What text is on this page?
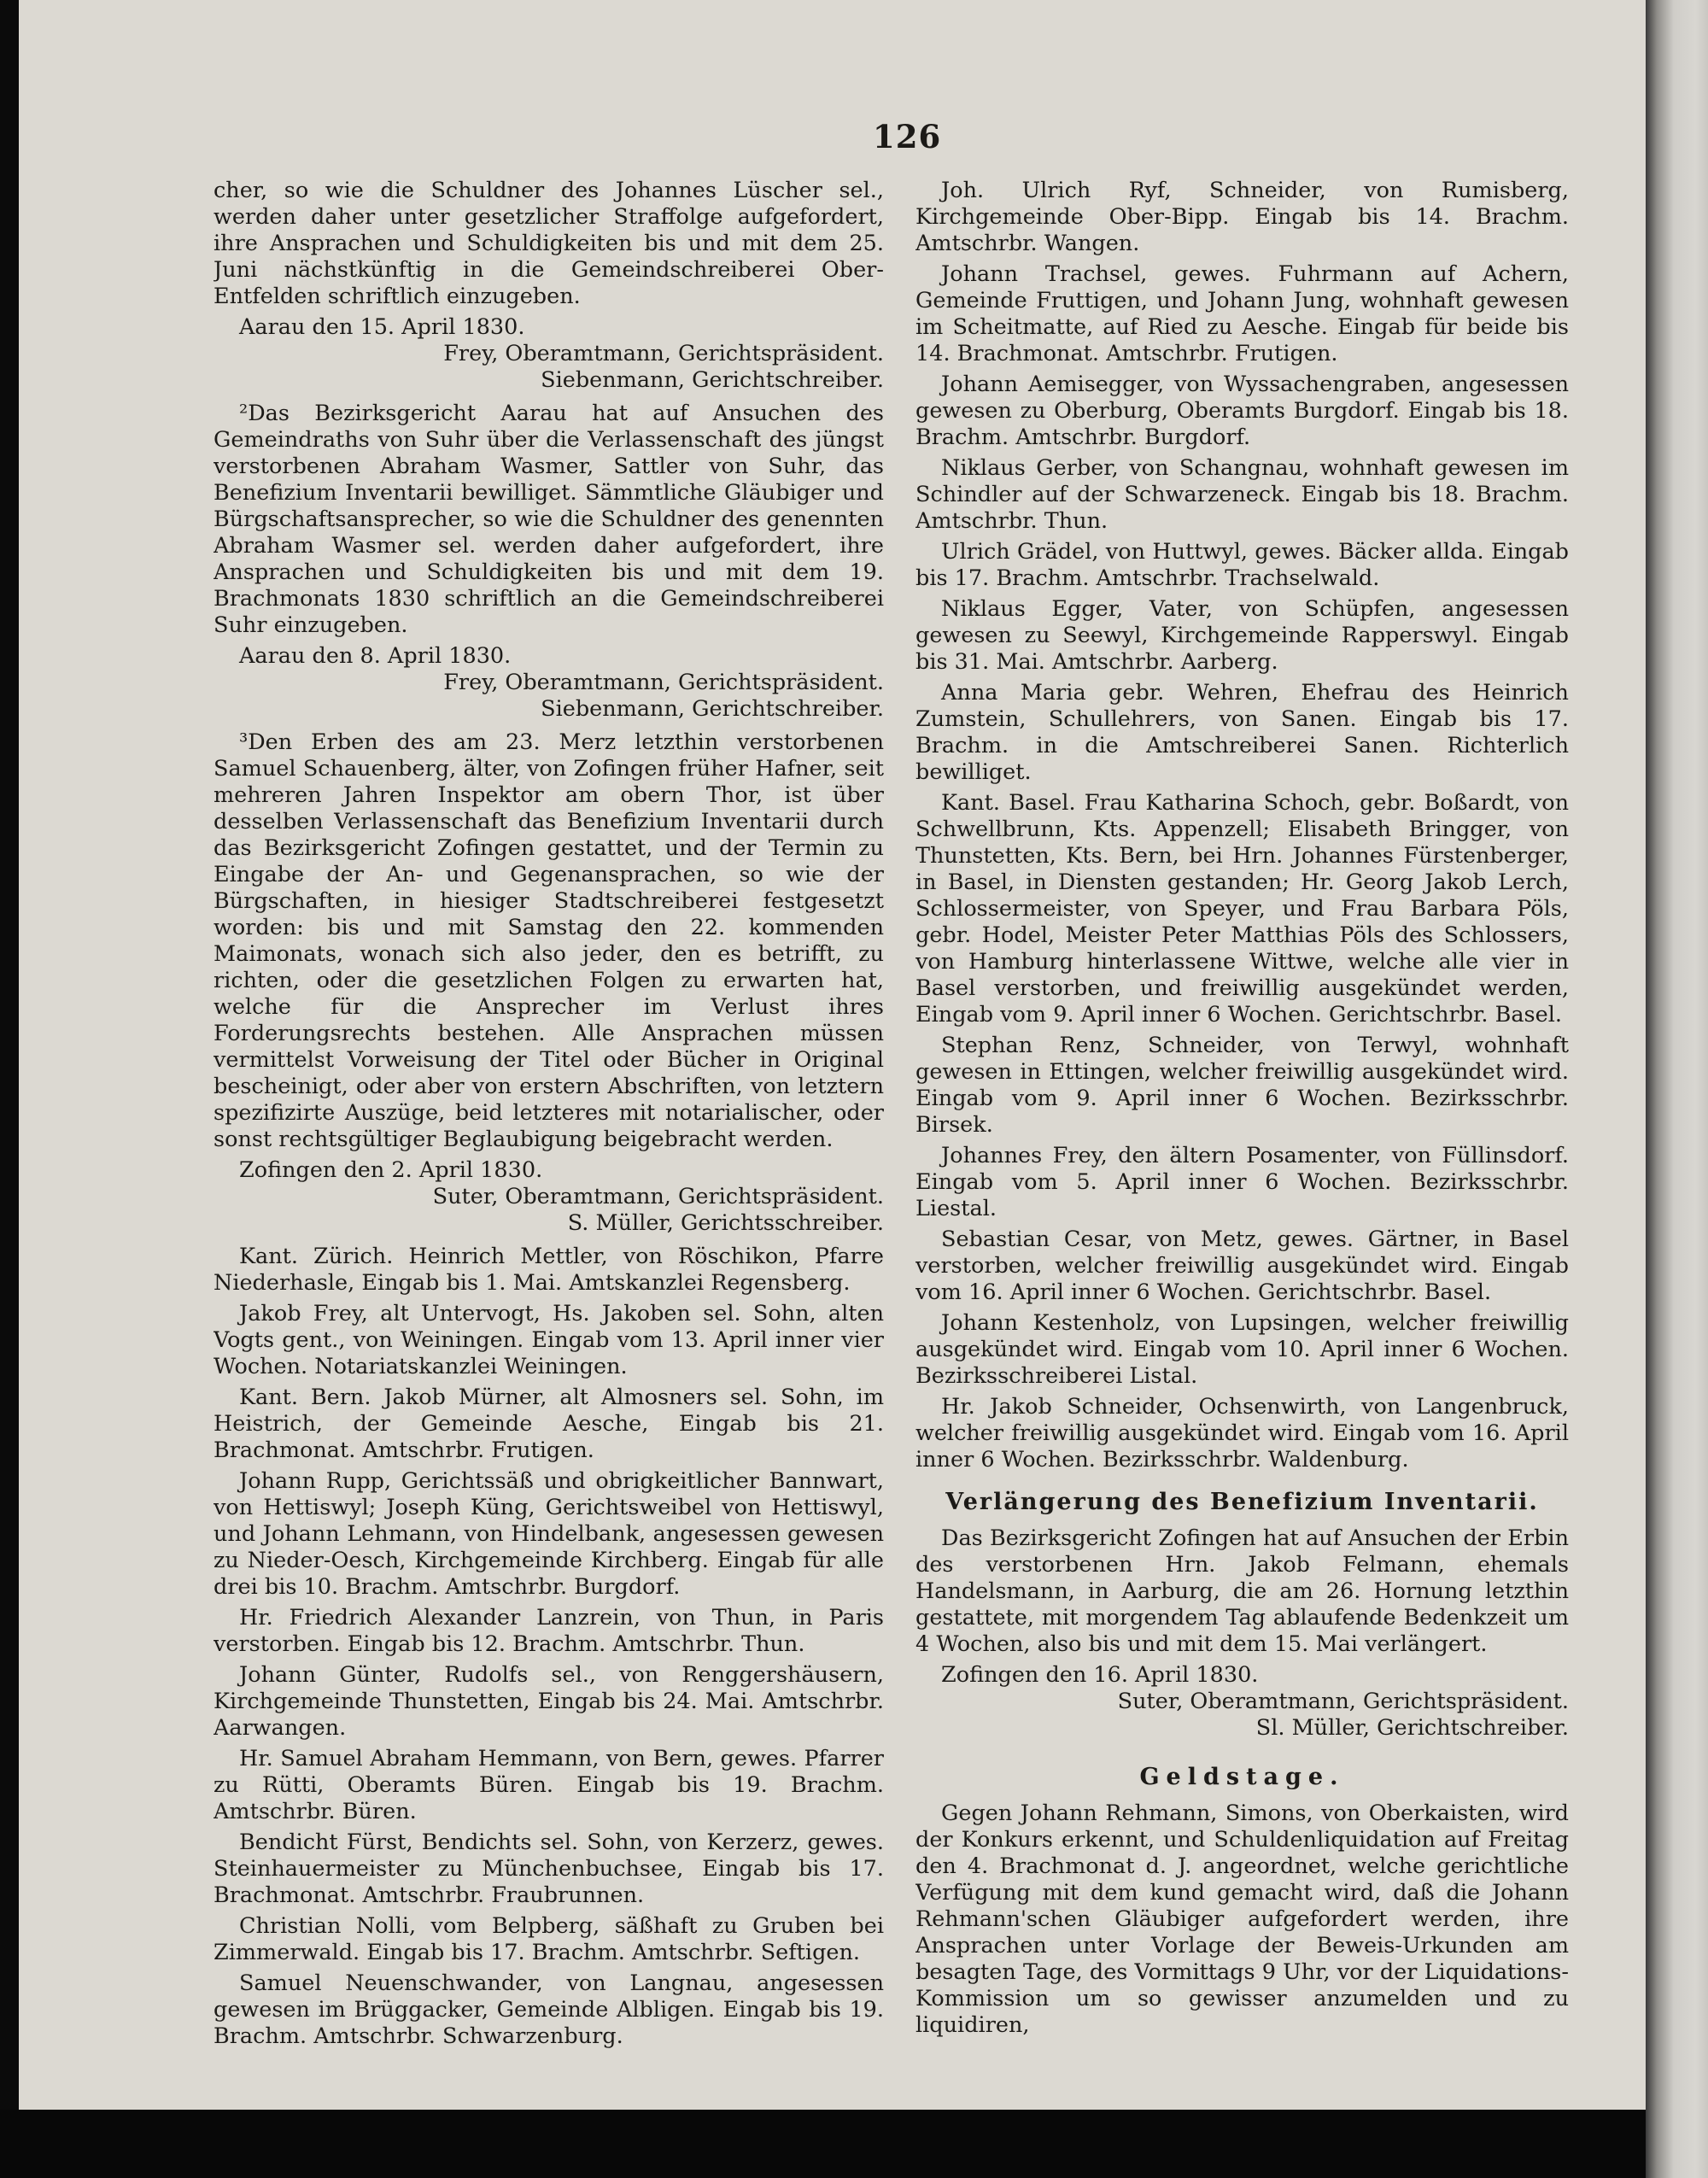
126

cher, so wie die Schuldner des Johannes Lüscher sel., werden daher unter gesetzlicher Straffolge aufgefordert, ihre Ansprachen und Schuldigkeiten bis und mit dem 25. Juni nächstkünftig in die Gemeindschreiberei Ober-Entfelden schriftlich einzugeben.

Aarau den 15. April 1830.

Frey, Oberamtmann, Gerichtspräsident.

Siebenmann, Gerichtschreiber.

²Das Bezirksgericht Aarau hat auf Ansuchen des Gemeindraths von Suhr über die Verlassenschaft des jüngst verstorbenen Abraham Wasmer, Sattler von Suhr, das Benefizium Inventarii bewilliget. Sämmtliche Gläubiger und Bürgschaftsansprecher, so wie die Schuldner des genennten Abraham Wasmer sel. werden daher aufgefordert, ihre Ansprachen und Schuldigkeiten bis und mit dem 19. Brachmonats 1830 schriftlich an die Gemeindschreiberei Suhr einzugeben.

Aarau den 8. April 1830.

Frey, Oberamtmann, Gerichtspräsident.

Siebenmann, Gerichtschreiber.

³Den Erben des am 23. Merz letzthin verstorbenen Samuel Schauenberg, älter, von Zofingen früher Hafner, seit mehreren Jahren Inspektor am obern Thor, ist über desselben Verlassenschaft das Benefizium Inventarii durch das Bezirksgericht Zofingen gestattet, und der Termin zu Eingabe der An- und Gegenansprachen, so wie der Bürgschaften, in hiesiger Stadtschreiberei festgesetzt worden: bis und mit Samstag den 22. kommenden Maimonats, wonach sich also jeder, den es betrifft, zu richten, oder die gesetzlichen Folgen zu erwarten hat, welche für die Ansprecher im Verlust ihres Forderungsrechts bestehen. Alle Ansprachen müssen vermittelst Vorweisung der Titel oder Bücher in Original bescheinigt, oder aber von erstern Abschriften, von letztern spezifizirte Auszüge, beid letzteres mit notarialischer, oder sonst rechtsgültiger Beglaubigung beigebracht werden.

Zofingen den 2. April 1830.

Suter, Oberamtmann, Gerichtspräsident.

S. Müller, Gerichtsschreiber.

Kant. Zürich. Heinrich Mettler, von Röschikon, Pfarre Niederhasle, Eingab bis 1. Mai. Amtskanzlei Regensberg.

Jakob Frey, alt Untervogt, Hs. Jakoben sel. Sohn, alten Vogts gent., von Weiningen. Eingab vom 13. April inner vier Wochen. Notariatskanzlei Weiningen.

Kant. Bern. Jakob Mürner, alt Almosners sel. Sohn, im Heistrich, der Gemeinde Aesche, Eingab bis 21. Brachmonat. Amtschrbr. Frutigen.

Johann Rupp, Gerichtssäß und obrigkeitlicher Bannwart, von Hettiswyl; Joseph Küng, Gerichtsweibel von Hettiswyl, und Johann Lehmann, von Hindelbank, angesessen gewesen zu Nieder-Oesch, Kirchgemeinde Kirchberg. Eingab für alle drei bis 10. Brachm. Amtschrbr. Burgdorf.

Hr. Friedrich Alexander Lanzrein, von Thun, in Paris verstorben. Eingab bis 12. Brachm. Amtschrbr. Thun.

Johann Günter, Rudolfs sel., von Renggershäusern, Kirchgemeinde Thunstetten, Eingab bis 24. Mai. Amtschrbr. Aarwangen.

Hr. Samuel Abraham Hemmann, von Bern, gewes. Pfarrer zu Rütti, Oberamts Büren. Eingab bis 19. Brachm. Amtschrbr. Büren.

Bendicht Fürst, Bendichts sel. Sohn, von Kerzerz, gewes. Steinhauermeister zu Münchenbuchsee, Eingab bis 17. Brachmonat. Amtschrbr. Fraubrunnen.

Christian Nolli, vom Belpberg, säßhaft zu Gruben bei Zimmerwald. Eingab bis 17. Brachm. Amtschrbr. Seftigen.

Samuel Neuenschwander, von Langnau, angesessen gewesen im Brüggacker, Gemeinde Albligen. Eingab bis 19. Brachm. Amtschrbr. Schwarzenburg.

Joh. Ulrich Ryf, Schneider, von Rumisberg, Kirchgemeinde Ober-Bipp. Eingab bis 14. Brachm. Amtschrbr. Wangen.

Johann Trachsel, gewes. Fuhrmann auf Achern, Gemeinde Fruttigen, und Johann Jung, wohnhaft gewesen im Scheitmatte, auf Ried zu Aesche. Eingab für beide bis 14. Brachmonat. Amtschrbr. Frutigen.

Johann Aemisegger, von Wyssachengraben, angesessen gewesen zu Oberburg, Oberamts Burgdorf. Eingab bis 18. Brachm. Amtschrbr. Burgdorf.

Niklaus Gerber, von Schangnau, wohnhaft gewesen im Schindler auf der Schwarzeneck. Eingab bis 18. Brachm. Amtschrbr. Thun.

Ulrich Grädel, von Huttwyl, gewes. Bäcker allda. Eingab bis 17. Brachm. Amtschrbr. Trachselwald.

Niklaus Egger, Vater, von Schüpfen, angesessen gewesen zu Seewyl, Kirchgemeinde Rapperswyl. Eingab bis 31. Mai. Amtschrbr. Aarberg.

Anna Maria gebr. Wehren, Ehefrau des Heinrich Zumstein, Schullehrers, von Sanen. Eingab bis 17. Brachm. in die Amtschreiberei Sanen. Richterlich bewilliget.

Kant. Basel. Frau Katharina Schoch, gebr. Boßardt, von Schwellbrunn, Kts. Appenzell; Elisabeth Bringger, von Thunstetten, Kts. Bern, bei Hrn. Johannes Fürstenberger, in Basel, in Diensten gestanden; Hr. Georg Jakob Lerch, Schlossermeister, von Speyer, und Frau Barbara Pöls, gebr. Hodel, Meister Peter Matthias Pöls des Schlossers, von Hamburg hinterlassene Wittwe, welche alle vier in Basel verstorben, und freiwillig ausgekündet werden, Eingab vom 9. April inner 6 Wochen. Gerichtschrbr. Basel.

Stephan Renz, Schneider, von Terwyl, wohnhaft gewesen in Ettingen, welcher freiwillig ausgekündet wird. Eingab vom 9. April inner 6 Wochen. Bezirksschrbr. Birsek.

Johannes Frey, den ältern Posamenter, von Füllinsdorf. Eingab vom 5. April inner 6 Wochen. Bezirksschrbr. Liestal.

Sebastian Cesar, von Metz, gewes. Gärtner, in Basel verstorben, welcher freiwillig ausgekündet wird. Eingab vom 16. April inner 6 Wochen. Gerichtschrbr. Basel.

Johann Kestenholz, von Lupsingen, welcher freiwillig ausgekündet wird. Eingab vom 10. April inner 6 Wochen. Bezirksschreiberei Listal.

Hr. Jakob Schneider, Ochsenwirth, von Langenbruck, welcher freiwillig ausgekündet wird. Eingab vom 16. April inner 6 Wochen. Bezirksschrbr. Waldenburg.

Verlängerung des Benefizium Inventarii.

Das Bezirksgericht Zofingen hat auf Ansuchen der Erbin des verstorbenen Hrn. Jakob Felmann, ehemals Handelsmann, in Aarburg, die am 26. Hornung letzthin gestattete, mit morgendem Tag ablaufende Bedenkzeit um 4 Wochen, also bis und mit dem 15. Mai verlängert.

Zofingen den 16. April 1830.

Suter, Oberamtmann, Gerichtspräsident.

Sl. Müller, Gerichtschreiber.

Geldstage.

Gegen Johann Rehmann, Simons, von Oberkaisten, wird der Konkurs erkennt, und Schuldenliquidation auf Freitag den 4. Brachmonat d. J. angeordnet, welche gerichtliche Verfügung mit dem kund gemacht wird, daß die Johann Rehmann'schen Gläubiger aufgefordert werden, ihre Ansprachen unter Vorlage der Beweis-Urkunden am besagten Tage, des Vormittags 9 Uhr, vor der Liquidations-Kommission um so gewisser anzumelden und zu liquidiren,
